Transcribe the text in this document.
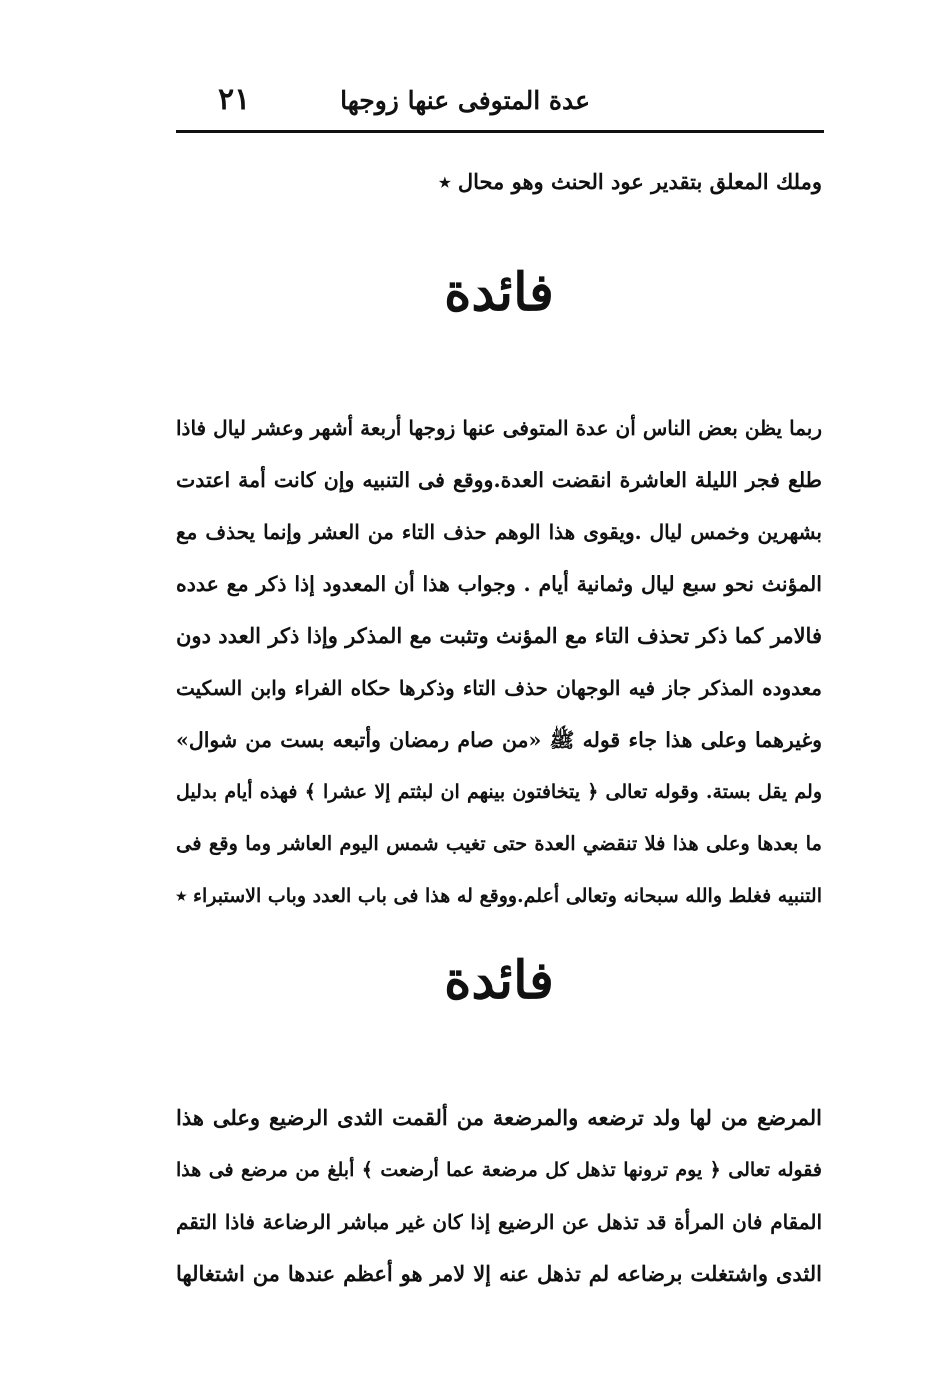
عدة المتوفى عنها زوجها
٢١
وملك المعلق بتقدير عود الحنث وهو محال ٭
فائدة
ربما يظن بعض الناس أن عدة المتوفى عنها زوجها أربعة أشهر وعشر ليال فاذا
طلع فجر الليلة العاشرة انقضت العدة.ووقع فى التنبيه وإن كانت أمة اعتدت
بشهرين وخمس ليال .ويقوى هذا الوهم حذف التاء من العشر وإنما يحذف مع
المؤنث نحو سبع ليال وثمانية أيام . وجواب هذا أن المعدود إذا ذكر مع عدده
فالامر كما ذكر تحذف التاء مع المؤنث وتثبت مع المذكر وإذا ذكر العدد دون
معدوده المذكر جاز فيه الوجهان حذف التاء وذكرها حكاه الفراء وابن السكيت
وغيرهما وعلى هذا جاء قوله ﷺ «من صام رمضان وأتبعه بست من شوال»
ولم يقل بستة. وقوله تعالى ﴿ يتخافتون بينهم ان لبثتم إلا عشرا ﴾ فهذه أيام بدليل
ما بعدها وعلى هذا فلا تنقضي العدة حتى تغيب شمس اليوم العاشر وما وقع فى
التنبيه فغلط والله سبحانه وتعالى أعلم.ووقع له هذا فى باب العدد وباب الاستبراء ٭
فائدة
المرضع من لها ولد ترضعه والمرضعة من ألقمت الثدى الرضيع وعلى هذا
فقوله تعالى ﴿ يوم ترونها تذهل كل مرضعة عما أرضعت ﴾ أبلغ من مرضع فى هذا
المقام فان المرأة قد تذهل عن الرضيع إذا كان غير مباشر الرضاعة فاذا التقم
الثدى واشتغلت برضاعه لم تذهل عنه إلا لامر هو أعظم عندها من اشتغالها
